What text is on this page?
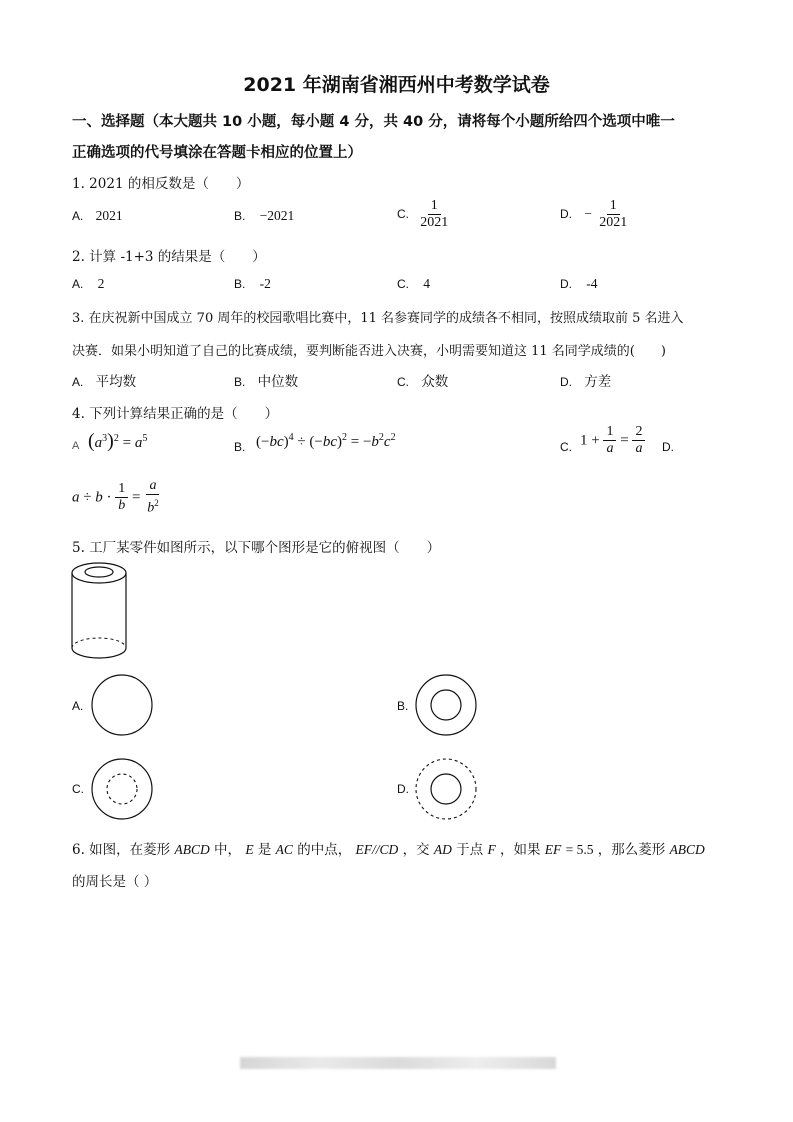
2021 年湖南省湘西州中考数学试卷
一、选择题（本大题共 10 小题，每小题 4 分，共 40 分，请将每个小题所给四个选项中唯一
正确选项的代号填涂在答题卡相应的位置上）
1. 2021 的相反数是（　　）
A. 2021	B. −2021	C. $\frac{1}{2021}$	D. − $\frac{1}{2021}$
2. 计算 -1+3 的结果是（　　）
A. 2	B. -2	C. 4	D. -4
3. 在庆祝新中国成立 70 周年的校园歌唱比赛中，11 名参赛同学的成绩各不相同，按照成绩取前 5 名进入
决赛．如果小明知道了自己的比赛成绩，要判断能否进入决赛，小明需要知道这 11 名同学成绩的(　　)
A. 平均数	B. 中位数	C. 众数	D. 方差
4. 下列计算结果正确的是（　　）
A $(a^3)^2 = a^5$
B. $(-bc)^4 \div (-bc)^2 = -b^2c^2$
C. $1 + \frac{1}{a} = \frac{2}{a} D$.
$a \div b \cdot \frac{1}{b} = \frac{a}{b^2}$
5. 工厂某零件如图所示，以下哪个图形是它的俯视图（　　）
A.	B.
C.	D.
6. 如图，在菱形 ABCD 中， E 是 AC 的中点， EF//CD ，交 AD 于点 F ，如果 EF = 5.5 ，那么菱形 ABCD
的周长是（ ）
